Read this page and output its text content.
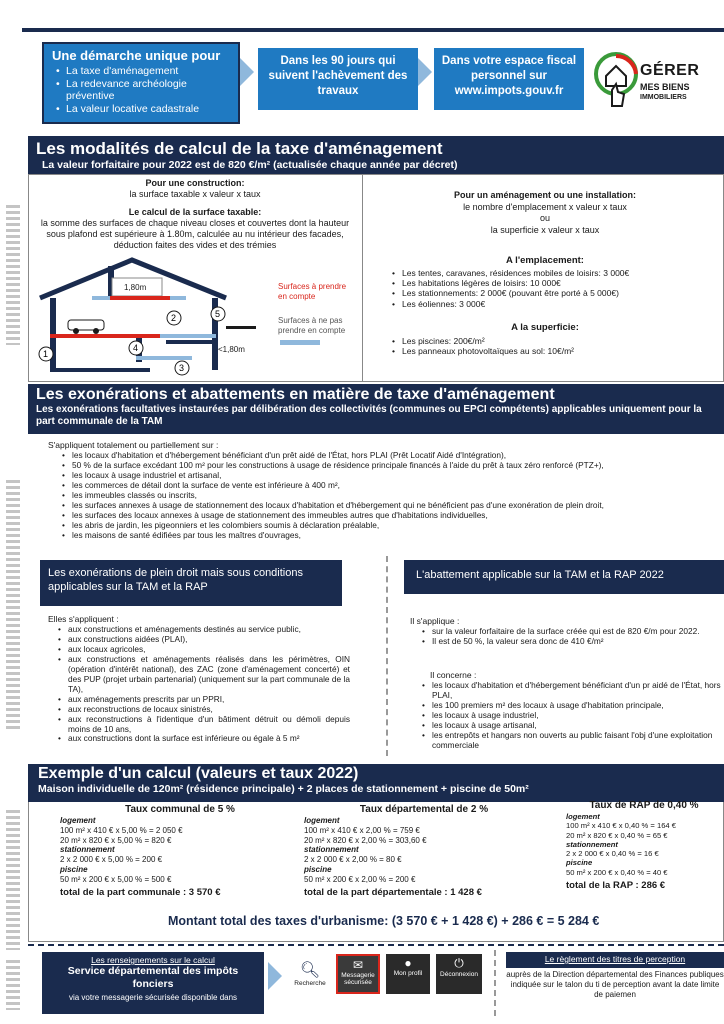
Une démarche unique pour
• La taxe d'aménagement
• La redevance archéologie préventive
• La valeur locative cadastrale
Dans les 90 jours qui suivent l'achèvement des travaux
Dans votre espace fiscal personnel sur www.impots.gouv.fr
GÉRER
MES BIENS
IMMOBILIERS
Les modalités de calcul de la taxe d'aménagement
La valeur forfaitaire pour 2022 est de 820 €/m² (actualisée chaque année par décret)
Pour une construction:
la surface taxable x valeur x taux
Le calcul de la surface taxable:
la somme des surfaces de chaque niveau closes et couvertes dont la hauteur sous plafond est supérieure à 1.80m, calculée au nu intérieur des facades, déduction faites des vides et des trémies
1,80m
<1,80m
1
2
3
4
5
Surfaces à prendre en compte
Surfaces à ne pas prendre en compte
Pour un aménagement ou une installation:
le nombre d'emplacement x valeur x taux
ou
la superficie x valeur x taux
A l'emplacement:
• Les tentes, caravanes, résidences mobiles de loisirs: 3 000€
• Les habitations légères de loisirs: 10 000€
• Les stationnements: 2 000€ (pouvant être porté à 5 000€)
• Les éoliennes: 3 000€
A la superficie:
• Les piscines: 200€/m²
• Les panneaux photovoltaïques au sol: 10€/m²
Les exonérations et abattements en matière de taxe d'aménagement
Les exonérations facultatives instaurées par délibération des collectivités (communes ou EPCI compétents) applicables uniquement pour la part communale de la TAM
S'appliquent totalement ou partiellement sur :
• les locaux d'habitation et d'hébergement bénéficiant d'un prêt aidé de l'État, hors PLAI (Prêt Locatif Aidé d'Intégration),
• 50 % de la surface excédant 100 m² pour les constructions à usage de résidence principale financés à l'aide du prêt à taux zéro renforcé (PTZ+),
• les locaux à usage industriel et artisanal,
• les commerces de détail dont la surface de vente est inférieure à 400 m²,
• les immeubles classés ou inscrits,
• les surfaces annexes à usage de stationnement des locaux d'habitation et d'hébergement qui ne bénéficient pas d'une exonération de plein droit,
• les surfaces des locaux annexes à usage de stationnement des immeubles autres que d'habitations individuelles,
• les abris de jardin, les pigeonniers et les colombiers soumis à déclaration préalable,
• les maisons de santé édifiées par tous les maîtres d'ouvrages,
Les exonérations de plein droit mais sous conditions applicables sur la TAM et la RAP
Elles s'appliquent :
• aux constructions et aménagements destinés au service public,
• aux constructions aidées (PLAI),
• aux locaux agricoles,
• aux constructions et aménagements réalisés dans les périmètres, OIN (opération d'intérêt national), des ZAC (zone d'aménagement concerté) et des PUP (projet urbain partenarial) (uniquement sur la part communale de la TA),
• aux aménagements prescrits par un PPRI,
• aux reconstructions de locaux sinistrés,
• aux reconstructions à l'identique d'un bâtiment détruit ou démoli depuis moins de 10 ans,
• aux constructions dont la surface est inférieure ou égale à 5 m²
L'abattement applicable sur la TAM et la RAP 2022
Il s'applique :
• sur la valeur forfaitaire de la surface créée qui est de 820 €/m pour 2022.
• Il est de 50 %, la valeur sera donc de 410 €/m²
Il concerne :
• les locaux d'habitation et d'hébergement bénéficiant d'un pr aidé de l'État, hors PLAI,
• les 100 premiers m² des locaux à usage d'habitation principale,
• les locaux à usage industriel,
• les locaux à usage artisanal,
• les entrepôts et hangars non ouverts au public faisant l'obj d'une exploitation commerciale
Exemple d'un calcul (valeurs et taux 2022)
Maison individuelle de 120m² (résidence principale) + 2 places de stationnement + piscine de 50m²
Taux communal de 5 %
logement
100 m² x 410 € x 5,00 % = 2 050 €
20 m² x 820 € x 5,00 % = 820 €
stationnement
2 x 2 000 € x 5,00 % = 200 €
piscine
50 m² x 200 € x 5,00 % = 500 €
total de la part communale : 3 570 €
Taux départemental de 2 %
logement
100 m² x 410 € x 2,00 % = 759 €
20 m² x 820 € x 2,00 % = 303,60 €
stationnement
2 x 2 000 € x 2,00 % = 80 €
piscine
50 m² x 200 € x 2,00 % = 200 €
total de la part départementale : 1 428 €
Taux de RAP de 0,40 %
logement
100 m² x 410 € x 0,40 % = 164 €
20 m² x 820 € x 0,40 % = 65 €
stationnement
2 x 2 000 € x 0,40 % = 16 €
piscine
50 m² x 200 € x 0,40 % = 40 €
total de la RAP : 286 €
Montant total des taxes d'urbanisme: (3 570 € + 1 428 €) + 286 € = 5 284 €
Les renseignements sur le calcul
Service départemental des impôts fonciers
via votre messagerie sécurisée disponible dans
🔍︎
Recherche
✉
Messagerie sécurisée
●
Mon profil
⏻
Déconnexion
Le règlement des titres de perception
auprès de la Direction départemental des Finances publiques indiquée sur le talon du ti de perception avant la date limite de paiemen
